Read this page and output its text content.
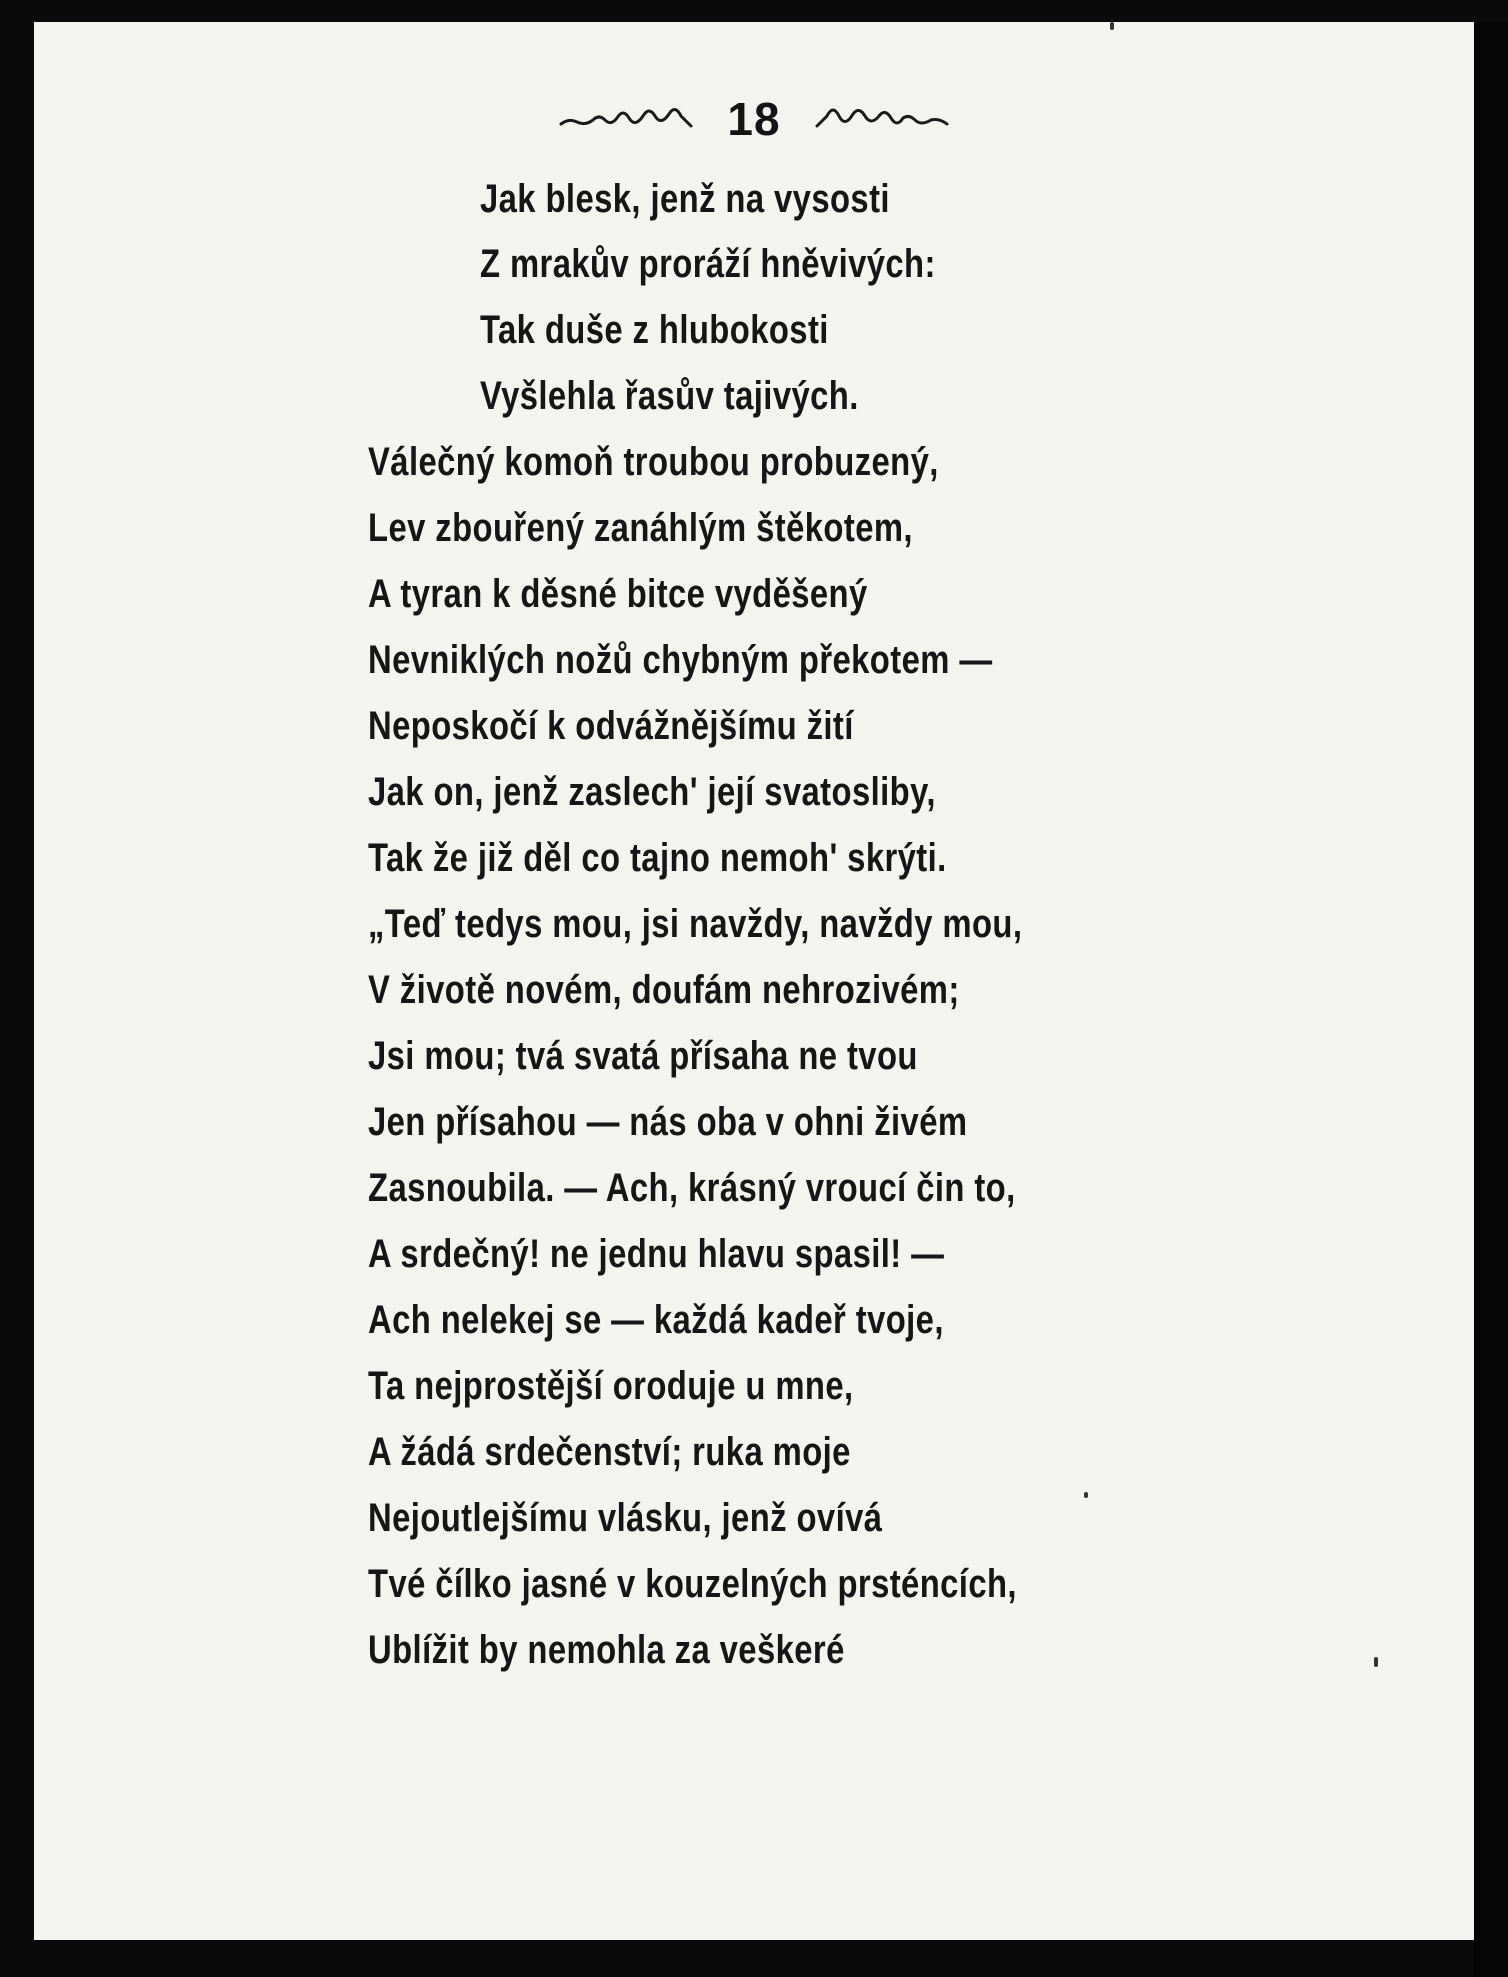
18
Jak blesk, jenž na vysosti
Z mrakův proráží hněvivých:
Tak duše z hlubokosti
Vyšlehla řasův tajivých.
Válečný komoň troubou probuzený,
Lev zbouřený zanáhlým štěkotem,
A tyran k děsné bitce vyděšený
Nevniklých nožů chybným překotem —
Neposkočí k odvážnějšímu žití
Jak on, jenž zaslech' její svatosliby,
Tak že již děl co tajno nemoh' skrýti.
„Teď tedys mou, jsi navždy, navždy mou,
V životě novém, doufám nehrozivém;
Jsi mou; tvá svatá přísaha ne tvou
Jen přísahou — nás oba v ohni živém
Zasnoubila. — Ach, krásný vroucí čin to,
A srdečný! ne jednu hlavu spasil! —
Ach nelekej se — každá kadeř tvoje,
Ta nejprostější oroduje u mne,
A žádá srdečenství; ruka moje
Nejoutlejšímu vlásku, jenž ovívá
Tvé čílko jasné v kouzelných prsténcích,
Ublížit by nemohla za veškeré
